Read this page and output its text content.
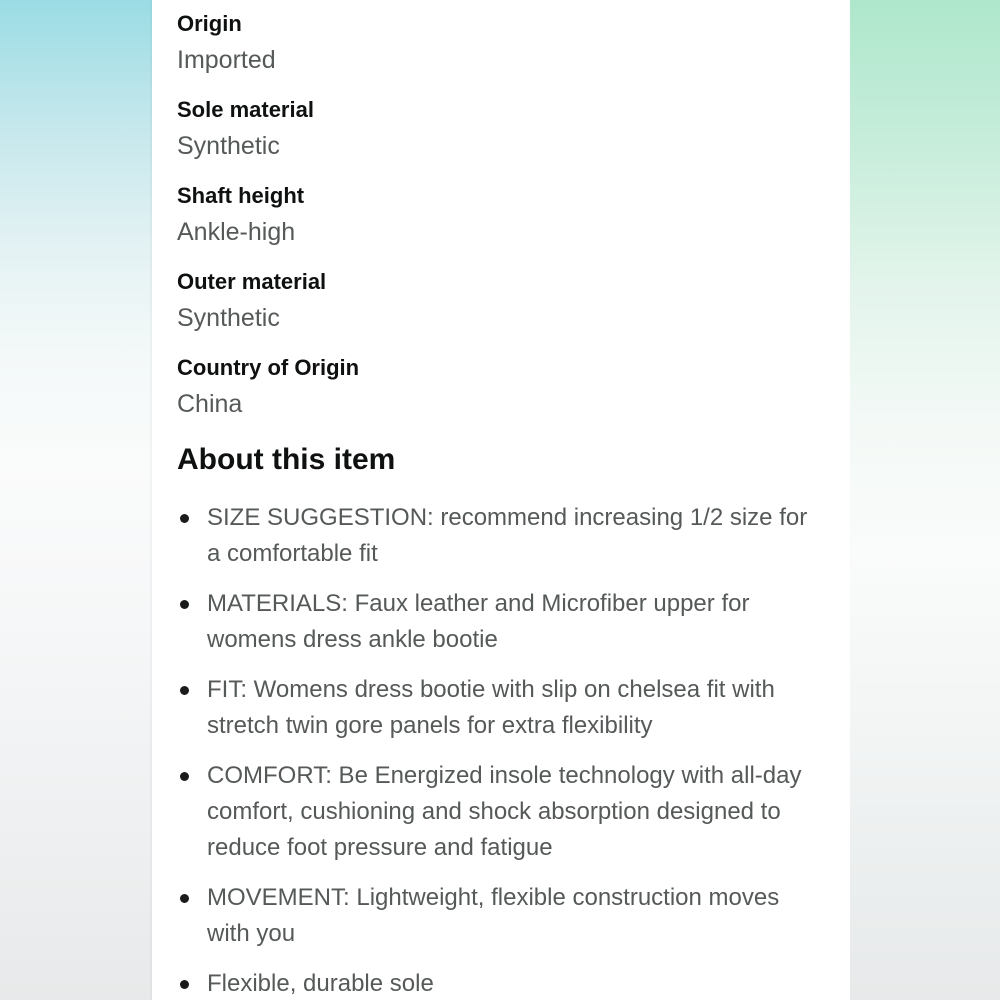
Origin
Imported
Sole material
Synthetic
Shaft height
Ankle-high
Outer material
Synthetic
Country of Origin
China
About this item
SIZE SUGGESTION: recommend increasing 1/2 size for a comfortable fit
MATERIALS: Faux leather and Microfiber upper for womens dress ankle bootie
FIT: Womens dress bootie with slip on chelsea fit with stretch twin gore panels for extra flexibility
COMFORT: Be Energized insole technology with all-day comfort, cushioning and shock absorption designed to reduce foot pressure and fatigue
MOVEMENT: Lightweight, flexible construction moves with you
Flexible, durable sole
